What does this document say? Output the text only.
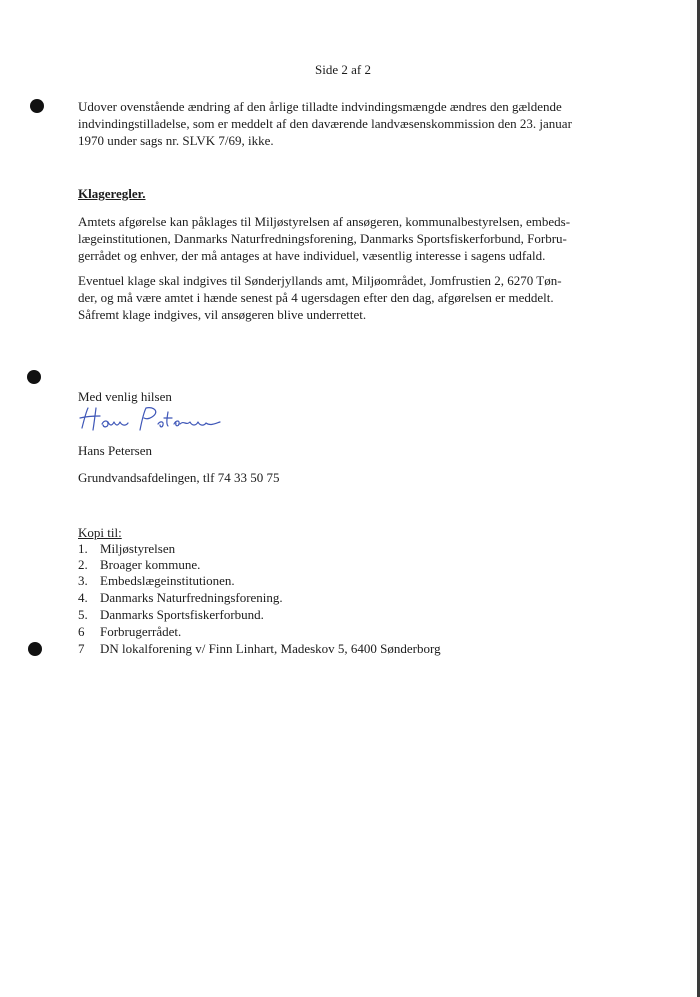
Side 2 af 2
Udover ovenstående ændring af den årlige tilladte indvindingsmængde ændres den gældende
indvindingstilladelse, som er meddelt af den daværende landvæsenskommission den 23. januar
1970 under sags nr. SLVK 7/69, ikke.
Klageregler.
Amtets afgørelse kan påklages til Miljøstyrelsen af ansøgeren, kommunalbestyrelsen, embeds-
lægeinstitutionen, Danmarks Naturfredningsforening, Danmarks Sportsfiskerforbund, Forbru-
gerrådet og enhver, der må antages at have individuel, væsentlig interesse i sagens udfald.
Eventuel klage skal indgives til Sønderjyllands amt, Miljøområdet, Jomfrustien 2, 6270 Tøn-
der, og må være amtet i hænde senest på 4 ugersdagen efter den dag, afgørelsen er meddelt.
Såfremt klage indgives, vil ansøgeren blive underrettet.
Med venlig hilsen
Hans Petersen
Grundvandsafdelingen, tlf 74 33 50 75
Kopi til:
1. Miljøstyrelsen
2. Broager kommune.
3. Embedslægeinstitutionen.
4. Danmarks Naturfredningsforening.
5. Danmarks Sportsfiskerforbund.
6 Forbrugerrådet.
7 DN lokalforening v/ Finn Linhart, Madeskov 5, 6400 Sønderborg
